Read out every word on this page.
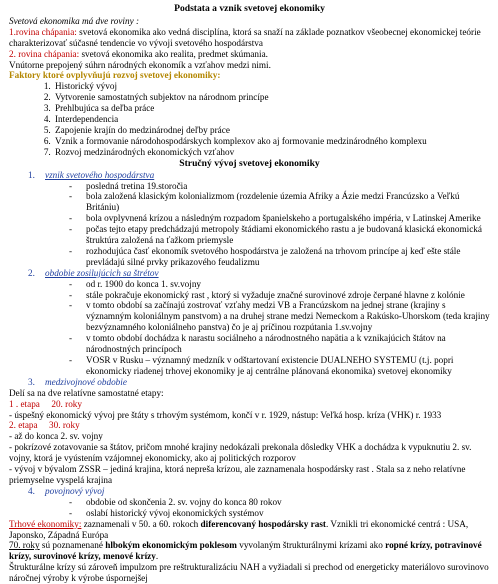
Podstata a vznik svetovej ekonomiky

Svetová ekonomika má dve roviny :

1.rovina chápania: svetová ekonomika ako vedná disciplína, ktorá sa snaží na základe poznatkov všeobecnej ekonomickej teórie charakterizovať súčasné tendencie vo vývoji svetového hospodárstva

2. rovina chápania: svetová ekonomika ako realita, predmet skúmania.

Vnútorne prepojený súhrn národných ekonomík a vzťahov medzi nimi.

Faktory ktoré ovplyvňujú rozvoj svetovej ekonomiky:

1. Historický vývoj
2. Vytvorenie samostatných subjektov na národnom princípe
3. Prehlbujúca sa deľba práce
4. Interdependencia
5. Zapojenie krajín do medzinárodnej deľby práce
6. Vznik a formovanie národohospodárskych komplexov ako aj formovanie medzinárodného komplexu
7. Rozvoj medzinárodných ekonomických vzťahov
Stručný vývoj svetovej ekonomiky
1.	vznik svetového hospodárstva
- posledná tretina 19.storočia
- bola založená klasickým kolonializmom (rozdelenie územia Afriky a Ázie medzi Francúzsko a Veľkú Britániu)
- bola ovplyvnená krízou a následným rozpadom španielskeho a portugalského impéria, v Latinskej Amerike
- počas tejto etapy predchádzajú metropoly štádiami ekonomického rastu a je budovaná klasická ekonomická štruktúra založená na ťažkom priemysle
- rozhodujúca časť ekonomík svetového hospodárstva je založená na trhovom princípe aj keď ešte stále prevládajú silné prvky prikazového feudalizmu
2.	obdobie zosilujúcich sa štrétov
- od r. 1900 do konca 1. sv.vojny
- stále pokračuje ekonomický rast , ktorý si vyžaduje značné surovinové zdroje čerpané hlavne z kolónie
- v tomto období sa začínajú zostrovať vzťahy medzi VB a Francúzskom na jednej strane (krajiny s významným koloniálnym panstvom) a na druhej strane medzi Nemeckom a Rakúsko-Uhorskom (teda krajiny bezvýznamného koloniálneho panstva) čo je aj príčinou rozpútania 1.sv.vojny
- v tomto období dochádza k narastu sociálneho a národnostného napätia a k vznikajúcich štátov na národnostných princípoch
- VOSR v Rusku – významný medzník v odštartovaní existencie DUALNEHO SYSTEMU (t.j. popri ekonomicky riadenej trhovej ekonomiky je aj centrálne plánovaná ekonomika) svetovej ekonomiky
3.	medzivojnové obdobie

Delí sa na dve relatívne samostatné etapy:

1 . etapa     20. roky

- úspešný ekonomický vývoj pre štáty s trhovým systémom, končí v r. 1929, nástup: Veľká hosp. kríza (VHK) r. 1933

2. etapa     30. roky

- až do konca 2. sv. vojny

- pokrízové zotavovanie sa štátov, pričom mnohé krajiny nedokázali prekonala dôsledky VHK a dochádza k vypuknutiu 2. sv. vojny, ktorá je vyústením vzájomnej ekonomicky, ako aj politických rozporov

- vývoj v bývalom ZSSR – jediná krajina, ktorá nepreša krízou, ale zaznamenala hospodársky rast . Stala sa z neho relatívne priemyselne vyspelá krajina

4.	povojnový vývoj
- obdobie od skončenia 2. sv. vojny do konca 80 rokov
- oslabí historický vývoj ekonomických systémov

Trhové ekonomiky: zaznamenali v 50. a 60. rokoch diferencovaný hospodársky rast. Vznikli tri ekonomické centrá : USA, Japonsko, Západná Európa

70. roky sú poznamenané hlbokým ekonomickým poklesom vyvolaným štrukturálnymi krízami ako ropné krízy, potravinové krízy, surovinové krízy, menové krízy.

Štrukturálne krízy sú zároveň impulzom pre reštrukturalizáciu NAH a vyžiadali si prechod od energeticky materiálovo surovinovo náročnej výroby k výrobe úspornejšej
